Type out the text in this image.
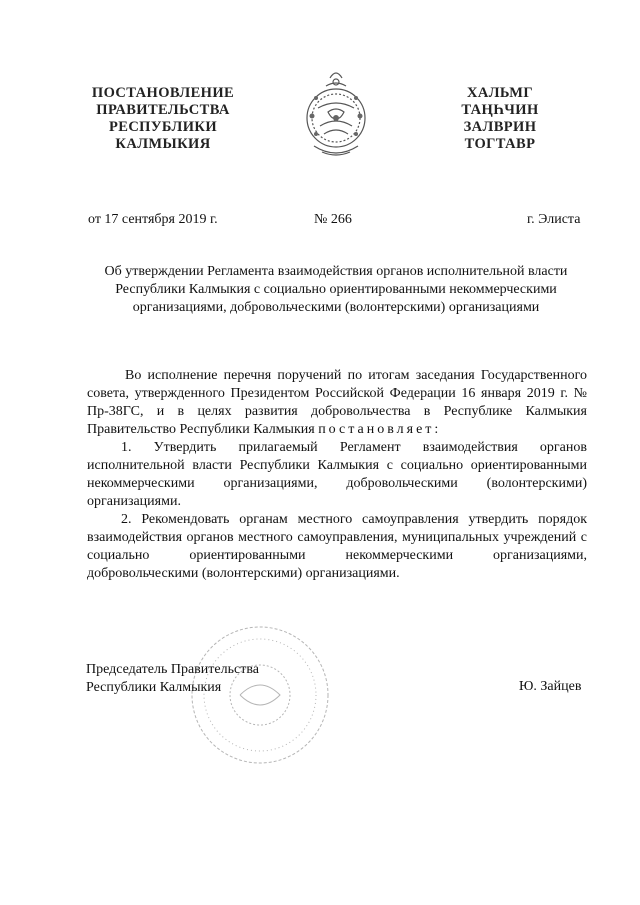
ПОСТАНОВЛЕНИЕ
ПРАВИТЕЛЬСТВА
РЕСПУБЛИКИ
КАЛМЫКИЯ
ХАЛЬМГ
ТАҢҺЧИН
ЗАЛВРИН
ТОГТАВР
от 17 сентября 2019 г.	№ 266	г. Элиста
Об утверждении Регламента взаимодействия органов исполнительной власти Республики Калмыкия с социально ориентированными некоммерческими организациями, добровольческими (волонтерскими) организациями

Во исполнение перечня поручений по итогам заседания Государственного совета, утвержденного Президентом Российской Федерации 16 января 2019 г. № Пр-38ГС, и в целях развития добровольчества в Республике Калмыкия Правительство Республики Калмыкия постановляет:

1. Утвердить прилагаемый Регламент взаимодействия органов исполнительной власти Республики Калмыкия с социально ориентированными некоммерческими организациями, добровольческими (волонтерскими) организациями.

2. Рекомендовать органам местного самоуправления утвердить порядок взаимодействия органов местного самоуправления, муниципальных учреждений с социально ориентированными некоммерческими организациями, добровольческими (волонтерскими) организациями.

Председатель Правительства
Республики Калмыкия	Ю. Зайцев
